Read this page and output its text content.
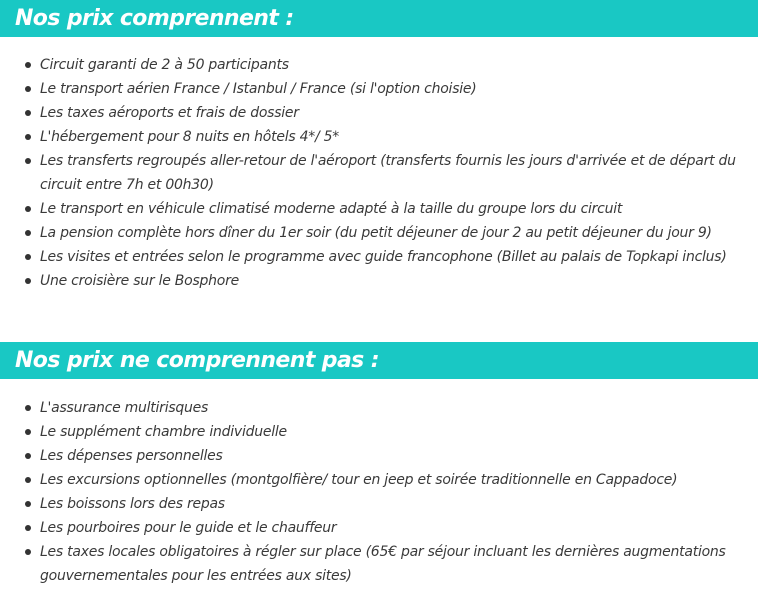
Nos prix comprennent :
Circuit garanti de 2 à 50 participants
Le transport aérien France / Istanbul / France (si l'option choisie)
Les taxes aéroports et frais de dossier
L'hébergement pour 8 nuits en hôtels 4*/ 5*
Les transferts regroupés aller-retour de l'aéroport (transferts fournis les jours d'arrivée et de départ du circuit entre 7h et 00h30)
Le transport en véhicule climatisé moderne adapté à la taille du groupe lors du circuit
La pension complète hors dîner du 1er soir (du petit déjeuner de jour 2 au petit déjeuner du jour 9)
Les visites et entrées selon le programme avec guide francophone (Billet au palais de Topkapi inclus)
Une croisière sur le Bosphore
Nos prix ne comprennent pas :
L'assurance multirisques
Le supplément chambre individuelle
Les dépenses personnelles
Les excursions optionnelles (montgolfière/ tour en jeep et soirée traditionnelle en Cappadoce)
Les boissons lors des repas
Les pourboires pour le guide et le chauffeur
Les taxes locales obligatoires à régler sur place (65€ par séjour incluant les dernières augmentations gouvernementales pour les entrées aux sites)
